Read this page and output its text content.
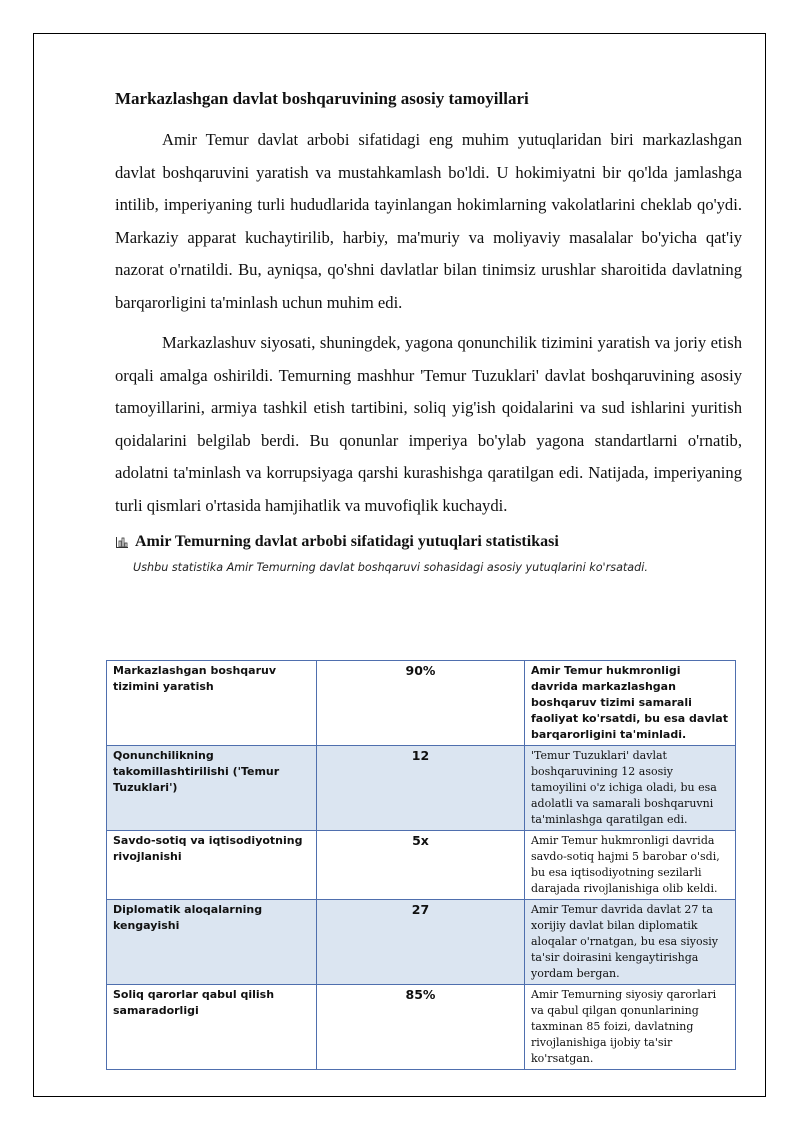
Markazlashgan davlat boshqaruvining asosiy tamoyillari

Amir Temur davlat arbobi sifatidagi eng muhim yutuqlaridan biri markazlashgan davlat boshqaruvini yaratish va mustahkamlash bo'ldi. U hokimiyatni bir qo'lda jamlashga intilib, imperiyaning turli hududlarida tayinlangan hokimlarning vakolatlarini cheklab qo'ydi. Markaziy apparat kuchaytirilib, harbiy, ma'muriy va moliyaviy masalalar bo'yicha qat'iy nazorat o'rnatildi. Bu, ayniqsa, qo'shni davlatlar bilan tinimsiz urushlar sharoitida davlatning barqarorligini ta'minlash uchun muhim edi.

Markazlashuv siyosati, shuningdek, yagona qonunchilik tizimini yaratish va joriy etish orqali amalga oshirildi. Temurning mashhur 'Temur Tuzuklari' davlat boshqaruvining asosiy tamoyillarini, armiya tashkil etish tartibini, soliq yig'ish qoidalarini va sud ishlarini yuritish qoidalarini belgilab berdi. Bu qonunlar imperiya bo'ylab yagona standartlarni o'rnatib, adolatni ta'minlash va korrupsiyaga qarshi kurashishga qaratilgan edi. Natijada, imperiyaning turli qismlari o'rtasida hamjihatlik va muvofiqlik kuchaydi.

Amir Temurning davlat arbobi sifatidagi yutuqlari statistikasi
Ushbu statistika Amir Temurning davlat boshqaruvi sohasidagi asosiy yutuqlarini ko'rsatadi.
Markazlashgan boshqaruv tizimini yaratish	90%	Amir Temur hukmronligi davrida markazlashgan boshqaruv tizimi samarali faoliyat ko'rsatdi, bu esa davlat barqarorligini ta'minladi.
Qonunchilikning takomillashtirilishi ('Temur Tuzuklari')	12	'Temur Tuzuklari' davlat boshqaruvining 12 asosiy tamoyilini o'z ichiga oladi, bu esa adolatli va samarali boshqaruvni ta'minlashga qaratilgan edi.
Savdo-sotiq va iqtisodiyotning rivojlanishi	5x	Amir Temur hukmronligi davrida savdo-sotiq hajmi 5 barobar o'sdi, bu esa iqtisodiyotning sezilarli darajada rivojlanishiga olib keldi.
Diplomatik aloqalarning kengayishi	27	Amir Temur davrida davlat 27 ta xorijiy davlat bilan diplomatik aloqalar o'rnatgan, bu esa siyosiy ta'sir doirasini kengaytirishga yordam bergan.
Soliq qarorlar qabul qilish samaradorligi	85%	Amir Temurning siyosiy qarorlari va qabul qilgan qonunlarining taxminan 85 foizi, davlatning rivojlanishiga ijobiy ta'sir ko'rsatgan.
